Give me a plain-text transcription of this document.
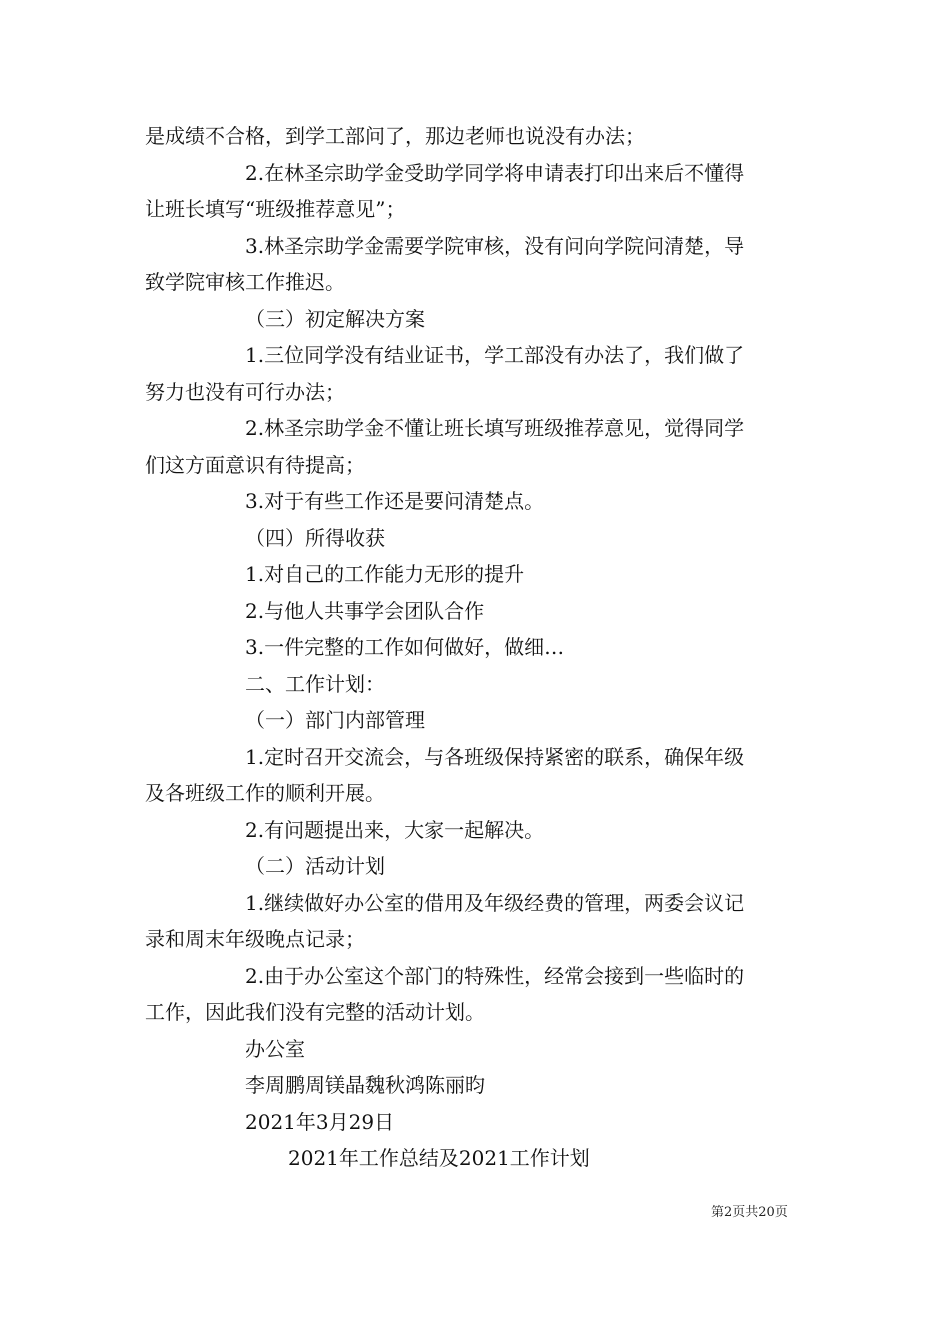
是成绩不合格，到学工部问了，那边老师也说没有办法；
2.在林圣宗助学金受助学同学将申请表打印出来后不懂得
让班长填写“班级推荐意见”；
3.林圣宗助学金需要学院审核，没有问向学院问清楚，导
致学院审核工作推迟。
（三）初定解决方案
1.三位同学没有结业证书，学工部没有办法了，我们做了
努力也没有可行办法；
2.林圣宗助学金不懂让班长填写班级推荐意见，觉得同学
们这方面意识有待提高；
3.对于有些工作还是要问清楚点。
（四）所得收获
1.对自己的工作能力无形的提升
2.与他人共事学会团队合作
3.一件完整的工作如何做好，做细…
二、工作计划：
（一）部门内部管理
1.定时召开交流会，与各班级保持紧密的联系，确保年级
及各班级工作的顺利开展。
2.有问题提出来，大家一起解决。
（二）活动计划
1.继续做好办公室的借用及年级经费的管理，两委会议记
录和周末年级晚点记录；
2.由于办公室这个部门的特殊性，经常会接到一些临时的
工作，因此我们没有完整的活动计划。
办公室
李周鹏周镁晶魏秋鸿陈丽昀
2021年3月29日
2021年工作总结及2021工作计划
第2页共20页
